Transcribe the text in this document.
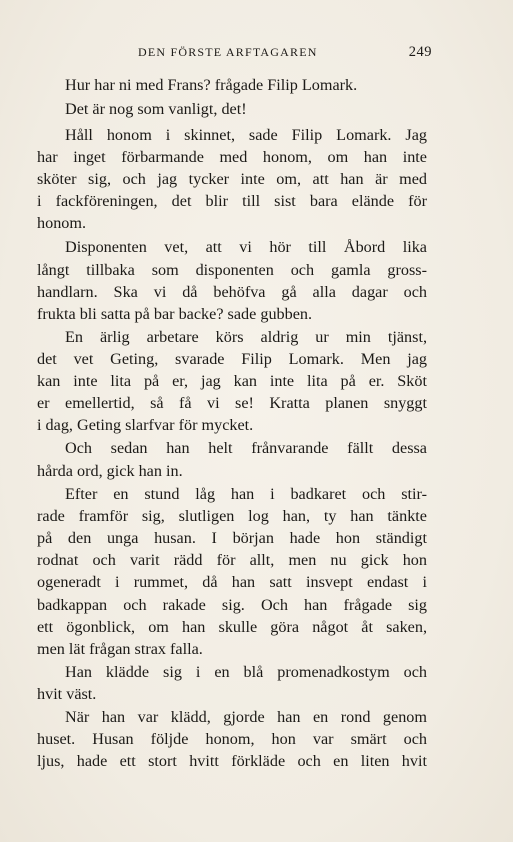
DEN FÖRSTE ARFTAGAREN	249
Hur har ni med Frans? frågade Filip Lomark.
Det är nog som vanligt, det!
Håll honom i skinnet, sade Filip Lomark. Jag
har inget förbarmande med honom, om han inte
sköter sig, och jag tycker inte om, att han är med
i fackföreningen, det blir till sist bara elände för
honom.
Disponenten vet, att vi hör till Åbord lika
långt tillbaka som disponenten och gamla gross-
handlarn. Ska vi då behöfva gå alla dagar och
frukta bli satta på bar backe? sade gubben.
En ärlig arbetare körs aldrig ur min tjänst,
det vet Geting, svarade Filip Lomark. Men jag
kan inte lita på er, jag kan inte lita på er. Sköt
er emellertid, så få vi se! Kratta planen snyggt
i dag, Geting slarfvar för mycket.
Och sedan han helt frånvarande fällt dessa
hårda ord, gick han in.
Efter en stund låg han i badkaret och stir-
rade framför sig, slutligen log han, ty han tänkte
på den unga husan. I början hade hon ständigt
rodnat och varit rädd för allt, men nu gick hon
ogeneradt i rummet, då han satt insvept endast i
badkappan och rakade sig. Och han frågade sig
ett ögonblick, om han skulle göra något åt saken,
men lät frågan strax falla.
Han klädde sig i en blå promenadkostym och
hvit väst.
När han var klädd, gjorde han en rond genom
huset. Husan följde honom, hon var smärt och
ljus, hade ett stort hvitt förkläde och en liten hvit
